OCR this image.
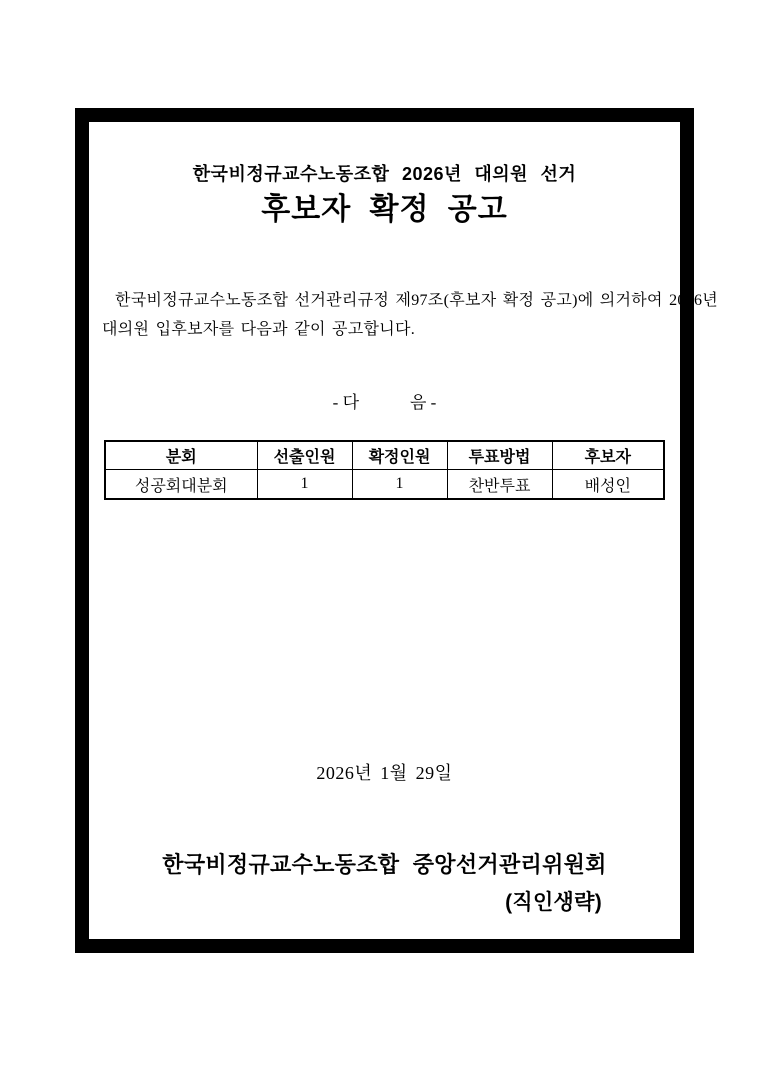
한국비정규교수노동조합 2026년 대의원 선거
후보자 확정 공고
한국비정규교수노동조합 선거관리규정 제97조(후보자 확정 공고)에 의거하여 2026년
대의원 입후보자를 다음과 같이 공고합니다.
- 다            음 -
분회	선출인원	확정인원	투표방법	후보자
성공회대분회	1	1	찬반투표	배성인
2026년 1월 29일
한국비정규교수노동조합 중앙선거관리위원회
(직인생략)
